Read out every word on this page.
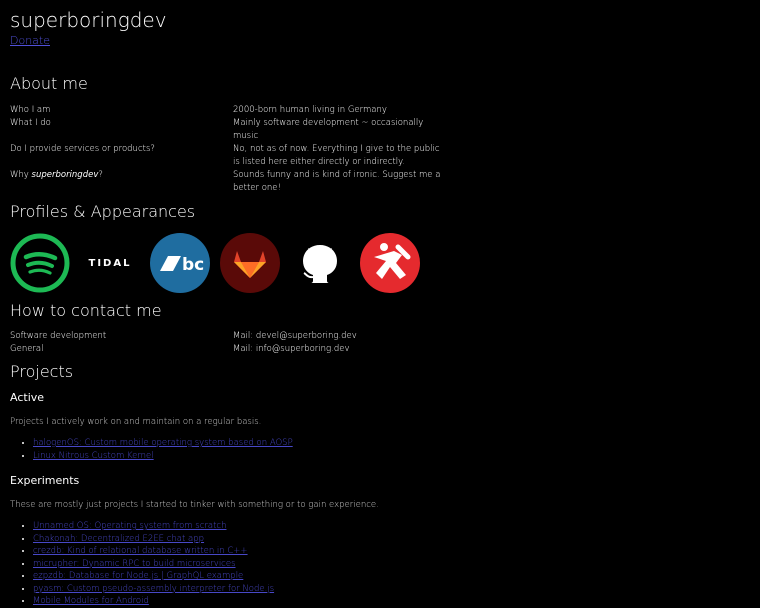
superboringdev
Donate
About me
Who I am	2000-born human living in Germany
What I do	Mainly software development ~ occasionally music
Do I provide services or products?	No, not as of now. Everything I give to the public is listed here either directly or indirectly.
Why superboringdev?	Sounds funny and is kind of ironic. Suggest me a better one!
Profiles & Appearances
TIDAL	bc
How to contact me
Software development	Mail: devel@superboring.dev
General	Mail: info@superboring.dev
Projects
Active

Projects I actively work on and maintain on a regular basis.

• halogenOS: Custom mobile operating system based on AOSP
• Linux Nitrous Custom Kernel
Experiments

These are mostly just projects I started to tinker with something or to gain experience.

• Unnamed OS: Operating system from scratch
• Chakonah: Decentralized E2EE chat app
• crezdb: Kind of relational database written in C++
• micrupher: Dynamic RPC to build microservices
• ezpzdb: Database for Node.js | GraphQL example
• pyasm: Custom pseudo-assembly interpreter for Node.js
• Mobile Modules for Android
